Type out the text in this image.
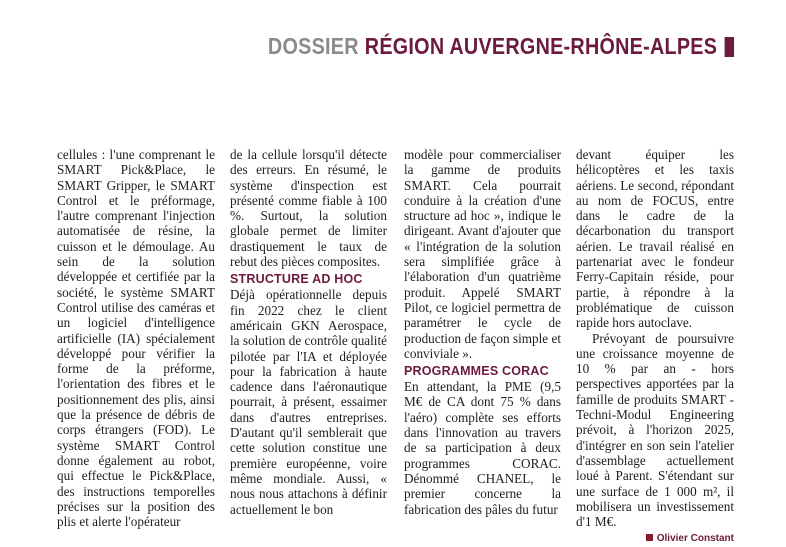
DOSSIER RÉGION AUVERGNE-RHÔNE-ALPES

cellules : l'une comprenant le SMART Pick&Place, le SMART Gripper, le SMART Control et le préformage, l'autre comprenant l'injection automatisée de résine, la cuisson et le démoulage. Au sein de la solution développée et certifiée par la société, le système SMART Control utilise des caméras et un logiciel d'intelligence artificielle (IA) spécialement développé pour vérifier la forme de la préforme, l'orientation des fibres et le positionnement des plis, ainsi que la présence de débris de corps étrangers (FOD). Le système SMART Control donne également au robot, qui effectue le Pick&Place, des instructions temporelles précises sur la position des plis et alerte l'opérateur

de la cellule lorsqu'il détecte des erreurs. En résumé, le système d'inspection est présenté comme fiable à 100 %. Surtout, la solution globale permet de limiter drastiquement le taux de rebut des pièces composites.

STRUCTURE AD HOC

Déjà opérationnelle depuis fin 2022 chez le client américain GKN Aerospace, la solution de contrôle qualité pilotée par l'IA et déployée pour la fabrication à haute cadence dans l'aéronautique pourrait, à présent, essaimer dans d'autres entreprises. D'autant qu'il semblerait que cette solution constitue une première européenne, voire même mondiale. Aussi, « nous nous attachons à définir actuellement le bon

modèle pour commercialiser la gamme de produits SMART. Cela pourrait conduire à la création d'une structure ad hoc », indique le dirigeant. Avant d'ajouter que « l'intégration de la solution sera simplifiée grâce à l'élaboration d'un quatrième produit. Appelé SMART Pilot, ce logiciel permettra de paramétrer le cycle de production de façon simple et conviviale ».

PROGRAMMES CORAC

En attendant, la PME (9,5 M€ de CA dont 75 % dans l'aéro) complète ses efforts dans l'innovation au travers de sa participation à deux programmes CORAC. Dénommé CHANEL, le premier concerne la fabrication des pâles du futur

devant équiper les hélicoptères et les taxis aériens. Le second, répondant au nom de FOCUS, entre dans le cadre de la décarbonation du transport aérien. Le travail réalisé en partenariat avec le fondeur Ferry-Capitain réside, pour partie, à répondre à la problématique de cuisson rapide hors autoclave.

Prévoyant de poursuivre une croissance moyenne de 10 % par an - hors perspectives apportées par la famille de produits SMART - Techni-Modul Engineering prévoit, à l'horizon 2025, d'intégrer en son sein l'atelier d'assemblage actuellement loué à Parent. S'étendant sur une surface de 1 000 m², il mobilisera un investissement d'1 M€.

Olivier Constant
